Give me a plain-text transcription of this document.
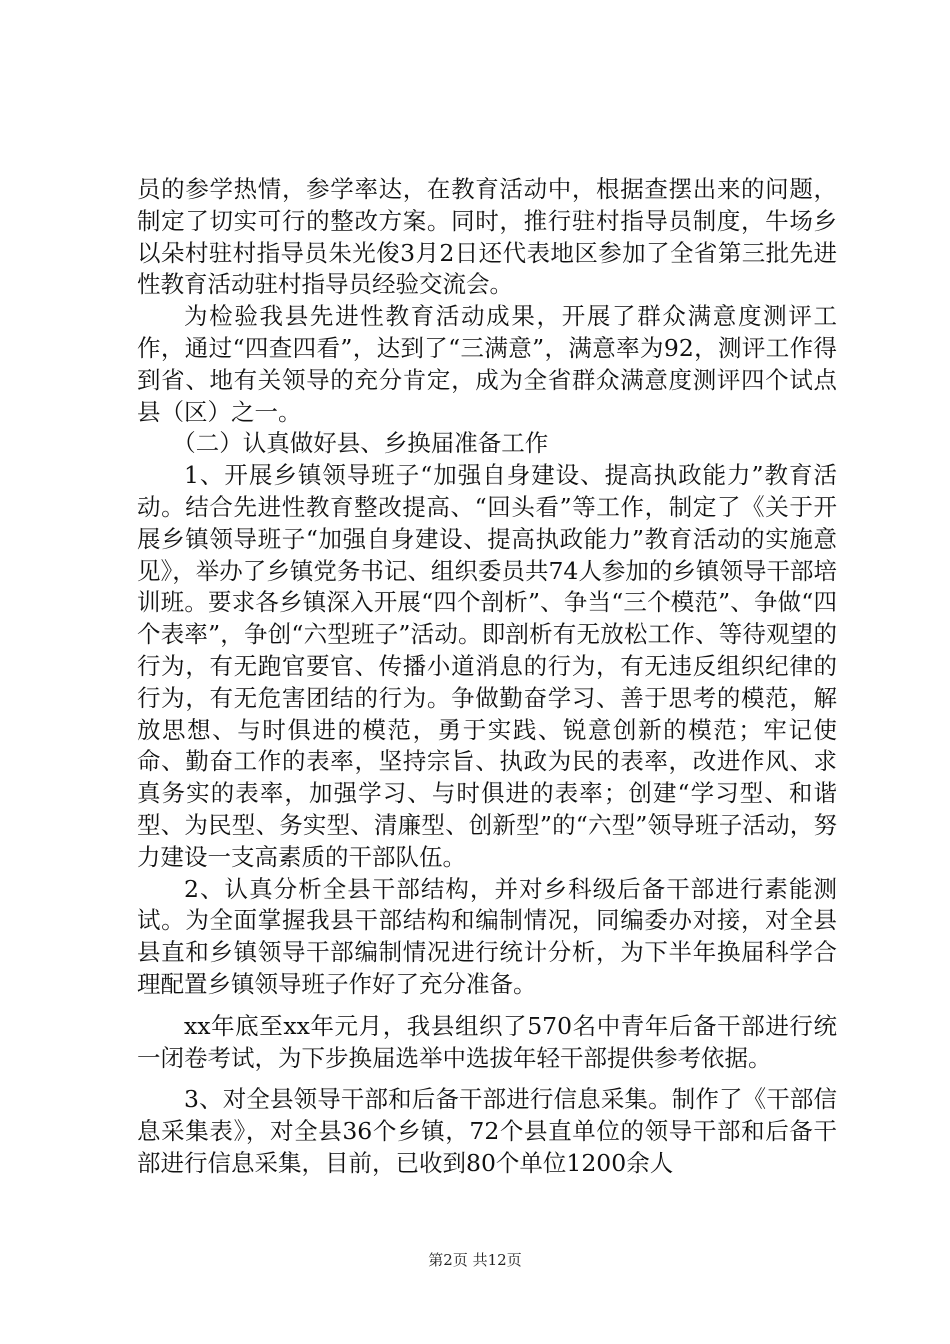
员的参学热情，参学率达，在教育活动中，根据查摆出来的问题，制定了切实可行的整改方案。同时，推行驻村指导员制度，牛场乡以朵村驻村指导员朱光俊3月2日还代表地区参加了全省第三批先进性教育活动驻村指导员经验交流会。

为检验我县先进性教育活动成果，开展了群众满意度测评工作，通过“四查四看”，达到了“三满意”，满意率为92，测评工作得到省、地有关领导的充分肯定，成为全省群众满意度测评四个试点县（区）之一。

（二）认真做好县、乡换届准备工作

1、开展乡镇领导班子“加强自身建设、提高执政能力”教育活动。结合先进性教育整改提高、“回头看”等工作，制定了《关于开展乡镇领导班子“加强自身建设、提高执政能力”教育活动的实施意见》，举办了乡镇党务书记、组织委员共74人参加的乡镇领导干部培训班。要求各乡镇深入开展“四个剖析”、争当“三个模范”、争做“四个表率”，争创“六型班子”活动。即剖析有无放松工作、等待观望的行为，有无跑官要官、传播小道消息的行为，有无违反组织纪律的行为，有无危害团结的行为。争做勤奋学习、善于思考的模范，解放思想、与时俱进的模范，勇于实践、锐意创新的模范；牢记使命、勤奋工作的表率，坚持宗旨、执政为民的表率，改进作风、求真务实的表率，加强学习、与时俱进的表率；创建“学习型、和谐型、为民型、务实型、清廉型、创新型”的“六型”领导班子活动，努力建设一支高素质的干部队伍。

2、认真分析全县干部结构，并对乡科级后备干部进行素能测试。为全面掌握我县干部结构和编制情况，同编委办对接，对全县县直和乡镇领导干部编制情况进行统计分析，为下半年换届科学合理配置乡镇领导班子作好了充分准备。

xx年底至xx年元月，我县组织了570名中青年后备干部进行统一闭卷考试，为下步换届选举中选拔年轻干部提供参考依据。

3、对全县领导干部和后备干部进行信息采集。制作了《干部信息采集表》，对全县36个乡镇，72个县直单位的领导干部和后备干部进行信息采集，目前，已收到80个单位1200余人

第2页 共12页
